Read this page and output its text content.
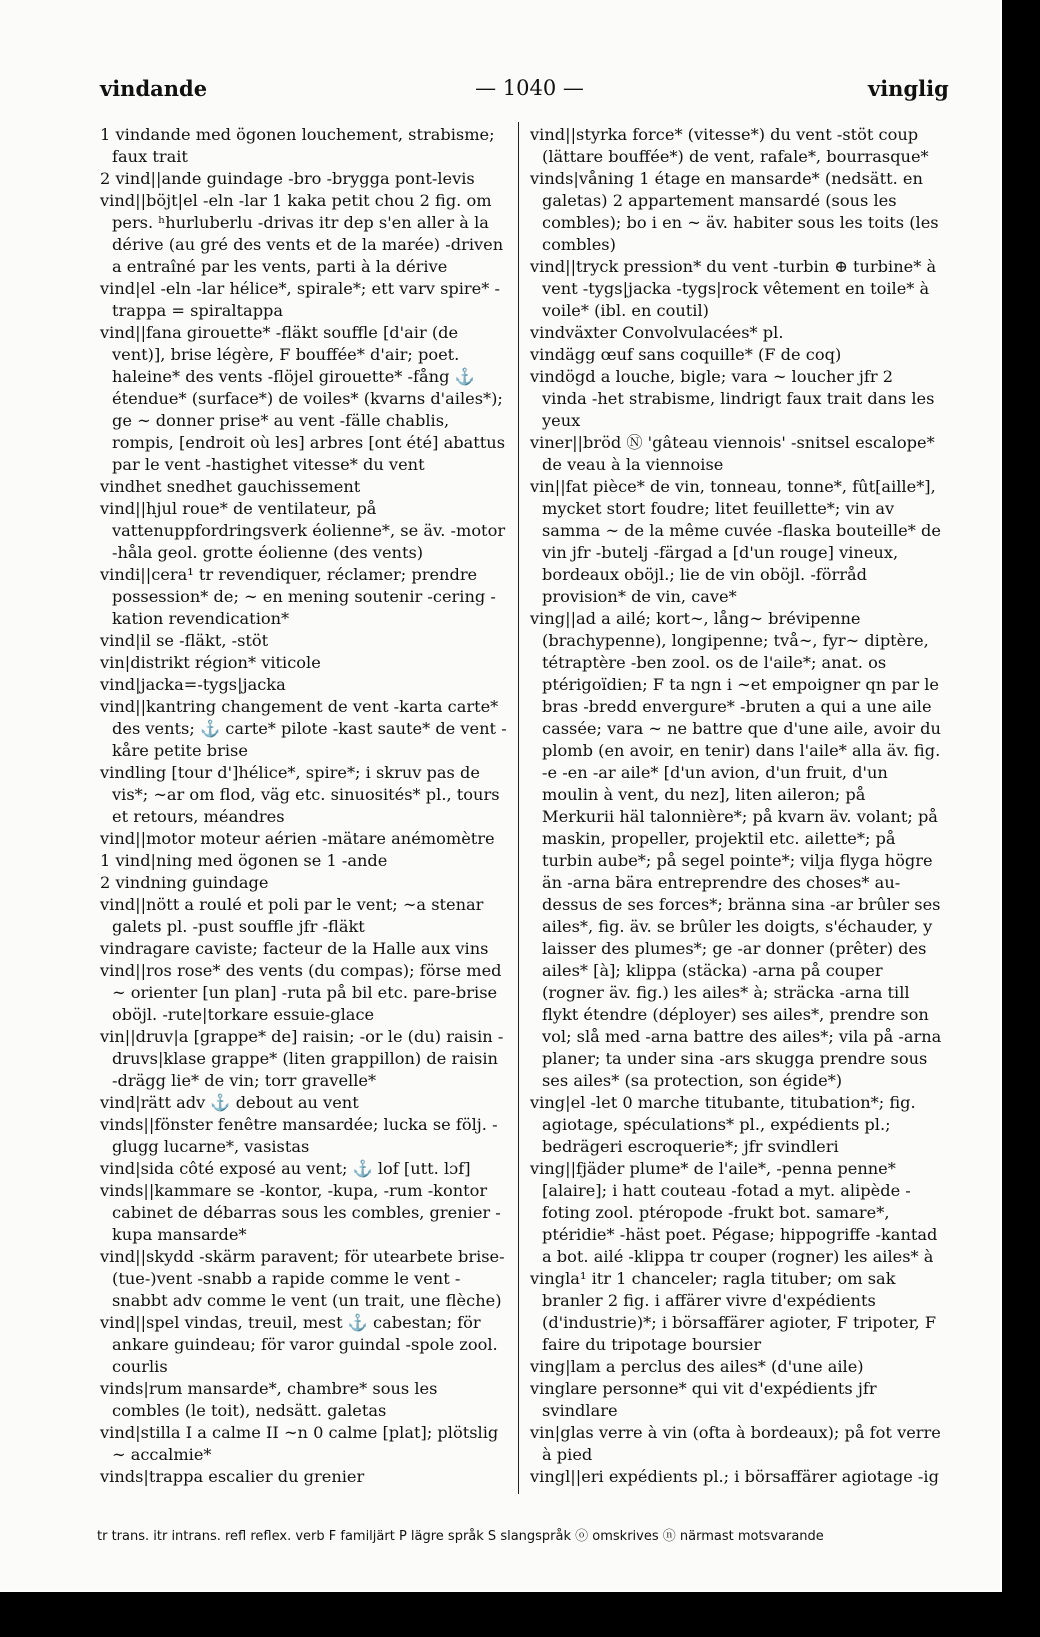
vindande	— 1040 —	vinglig

1 vindande med ögonen louchement, strabisme; faux trait

2 vind||ande guindage -bro -brygga pont-levis

vind||böjt|el -eln -lar 1 kaka petit chou 2 fig. om pers. ʰhurluberlu -drivas itr dep s'en aller à la dérive (au gré des vents et de la marée) -driven a entraîné par les vents, parti à la dérive

vind|el -eln -lar hélice*, spirale*; ett varv spire* -trappa = spiraltappa

vind||fana girouette* -fläkt souffle [d'air (de vent)], brise légère, F bouffée* d'air; poet. haleine* des vents -flöjel girouette* -fång ⚓ étendue* (surface*) de voiles* (kvarns d'ailes*); ge ∼ donner prise* au vent -fälle chablis, rompis, [endroit où les] arbres [ont été] abattus par le vent -hastighet vitesse* du vent

vindhet snedhet gauchissement

vind||hjul roue* de ventilateur, på vattenuppfordringsverk éolienne*, se äv. -motor -håla geol. grotte éolienne (des vents)

vindi||cera¹ tr revendiquer, réclamer; prendre possession* de; ∼ en mening soutenir -cering -kation revendication*

vind|il se -fläkt, -stöt

vin|distrikt région* viticole

vind|jacka=-tygs|jacka

vind||kantring changement de vent -karta carte* des vents; ⚓ carte* pilote -kast saute* de vent -kåre petite brise

vindling [tour d']hélice*, spire*; i skruv pas de vis*; ∼ar om flod, väg etc. sinuosités* pl., tours et retours, méandres

vind||motor moteur aérien -mätare anémomètre

1 vind|ning med ögonen se 1 -ande

2 vindning guindage

vind||nött a roulé et poli par le vent; ∼a stenar galets pl. -pust souffle jfr -fläkt

vindragare caviste; facteur de la Halle aux vins

vind||ros rose* des vents (du compas); förse med ∼ orienter [un plan] -ruta på bil etc. pare-brise oböjl. -rute|torkare essuie-glace

vin||druv|a [grappe* de] raisin; -or le (du) raisin -druvs|klase grappe* (liten grappillon) de raisin -drägg lie* de vin; torr gravelle*

vind|rätt adv ⚓ debout au vent

vinds||fönster fenêtre mansardée; lucka se följ. -glugg lucarne*, vasistas

vind|sida côté exposé au vent; ⚓ lof [utt. lɔf]

vinds||kammare se -kontor, -kupa, -rum -kontor cabinet de débarras sous les combles, grenier -kupa mansarde*

vind||skydd -skärm paravent; för utearbete brise-(tue-)vent -snabb a rapide comme le vent -snabbt adv comme le vent (un trait, une flèche)

vind||spel vindas, treuil, mest ⚓ cabestan; för ankare guindeau; för varor guindal -spole zool. courlis

vinds|rum mansarde*, chambre* sous les combles (le toit), nedsätt. galetas

vind|stilla I a calme II ∼n 0 calme [plat]; plötslig ∼ accalmie*

vinds|trappa escalier du grenier

vind||styrka force* (vitesse*) du vent -stöt coup (lättare bouffée*) de vent, rafale*, bourrasque*

vinds|våning 1 étage en mansarde* (nedsätt. en galetas) 2 appartement mansardé (sous les combles); bo i en ∼ äv. habiter sous les toits (les combles)

vind||tryck pression* du vent -turbin ⊕ turbine* à vent -tygs|jacka -tygs|rock vêtement en toile* à voile* (ibl. en coutil)

vindväxter Convolvulacées* pl.

vindägg œuf sans coquille* (F de coq)

vindögd a louche, bigle; vara ∼ loucher jfr 2 vinda -het strabisme, lindrigt faux trait dans les yeux

viner||bröd Ⓝ 'gâteau viennois' -snitsel escalope* de veau à la viennoise

vin||fat pièce* de vin, tonneau, tonne*, fût[aille*], mycket stort foudre; litet feuillette*; vin av samma ∼ de la même cuvée -flaska bouteille* de vin jfr -butelj -färgad a [d'un rouge] vineux, bordeaux oböjl.; lie de vin oböjl. -förråd provision* de vin, cave*

ving||ad a ailé; kort∼, lång∼ brévipenne (brachypenne), longipenne; två∼, fyr∼ diptère, tétraptère -ben zool. os de l'aile*; anat. os ptérigoïdien; F ta ngn i ∼et empoigner qn par le bras -bredd envergure* -bruten a qui a une aile cassée; vara ∼ ne battre que d'une aile, avoir du plomb (en avoir, en tenir) dans l'aile* alla äv. fig. -e -en -ar aile* [d'un avion, d'un fruit, d'un moulin à vent, du nez], liten aileron; på Merkurii häl talonnière*; på kvarn äv. volant; på maskin, propeller, projektil etc. ailette*; på turbin aube*; på segel pointe*; vilja flyga högre än -arna bära entreprendre des choses* au-dessus de ses forces*; bränna sina -ar brûler ses ailes*, fig. äv. se brûler les doigts, s'échauder, y laisser des plumes*; ge -ar donner (prêter) des ailes* [à]; klippa (stäcka) -arna på couper (rogner äv. fig.) les ailes* à; sträcka -arna till flykt étendre (déployer) ses ailes*, prendre son vol; slå med -arna battre des ailes*; vila på -arna planer; ta under sina -ars skugga prendre sous ses ailes* (sa protection, son égide*)

ving|el -let 0 marche titubante, titubation*; fig. agiotage, spéculations* pl., expédients pl.; bedrägeri escroquerie*; jfr svindleri

ving||fjäder plume* de l'aile*, -penna penne* [alaire]; i hatt couteau -fotad a myt. alipède -foting zool. ptéropode -frukt bot. samare*, ptéridie* -häst poet. Pégase; hippogriffe -kantad a bot. ailé -klippa tr couper (rogner) les ailes* à

vingla¹ itr 1 chanceler; ragla tituber; om sak branler 2 fig. i affärer vivre d'expédients (d'industrie)*; i börsaffärer agioter, F tripoter, F faire du tripotage boursier

ving|lam a perclus des ailes* (d'une aile)

vinglare personne* qui vit d'expédients jfr svindlare

vin|glas verre à vin (ofta à bordeaux); på fot verre à pied

vingl||eri expédients pl.; i börsaffärer agiotage -ig

tr trans. itr intrans. refl reflex. verb F familjärt P lägre språk S slangspråk ⓞ omskrives ⓝ närmast motsvarande
